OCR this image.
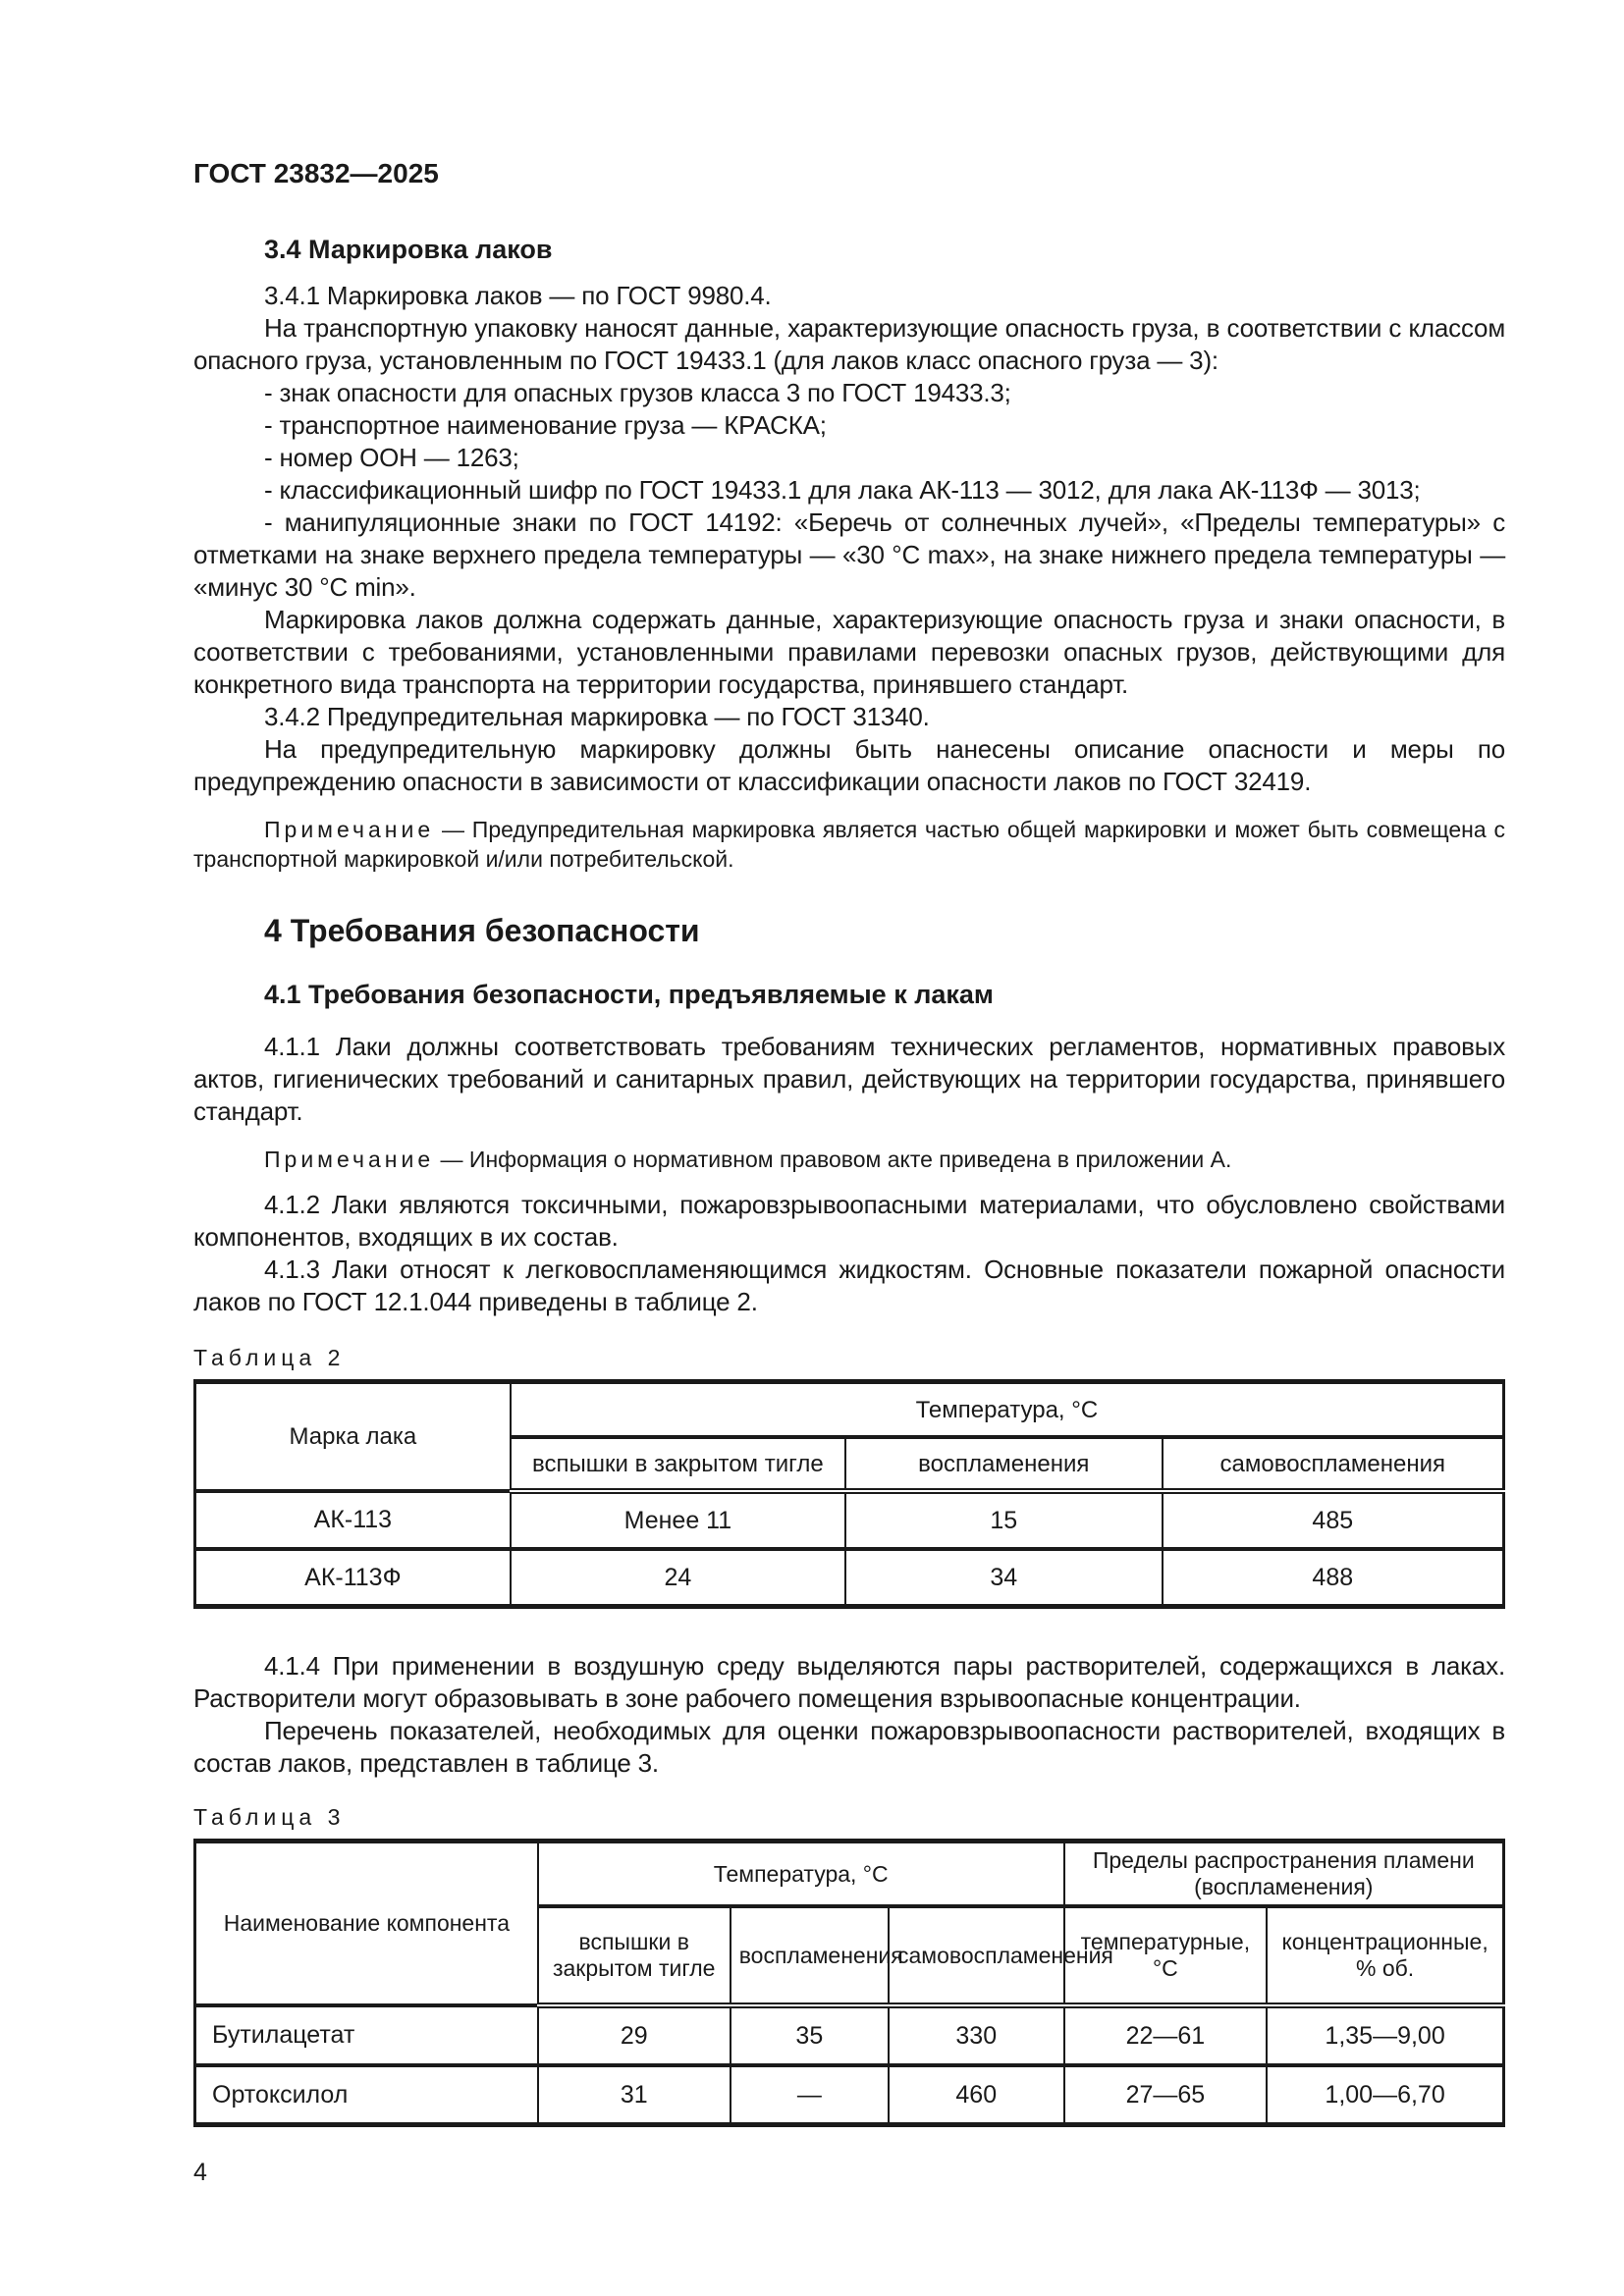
ГОСТ 23832—2025

3.4 Маркировка лаков

3.4.1 Маркировка лаков — по ГОСТ 9980.4.

На транспортную упаковку наносят данные, характеризующие опасность груза, в соответствии с классом опасного груза, установленным по ГОСТ 19433.1 (для лаков класс опасного груза — 3):

- знак опасности для опасных грузов класса 3 по ГОСТ 19433.3;

- транспортное наименование груза — КРАСКА;

- номер ООН — 1263;

- классификационный шифр по ГОСТ 19433.1 для лака АК-113 — 3012, для лака АК-113Ф — 3013;

- манипуляционные знаки по ГОСТ 14192: «Беречь от солнечных лучей», «Пределы температуры» с отметками на знаке верхнего предела температуры — «30 °С max», на знаке нижнего предела температуры — «минус 30 °С min».

Маркировка лаков должна содержать данные, характеризующие опасность груза и знаки опасности, в соответствии с требованиями, установленными правилами перевозки опасных грузов, действующими для конкретного вида транспорта на территории государства, принявшего стандарт.

3.4.2 Предупредительная маркировка — по ГОСТ 31340.

На предупредительную маркировку должны быть нанесены описание опасности и меры по предупреждению опасности в зависимости от классификации опасности лаков по ГОСТ 32419.

Примечание — Предупредительная маркировка является частью общей маркировки и может быть совмещена с транспортной маркировкой и/или потребительской.

4 Требования безопасности

4.1 Требования безопасности, предъявляемые к лакам

4.1.1 Лаки должны соответствовать требованиям технических регламентов, нормативных правовых актов, гигиенических требований и санитарных правил, действующих на территории государства, принявшего стандарт.

Примечание — Информация о нормативном правовом акте приведена в приложении А.

4.1.2 Лаки являются токсичными, пожаровзрывоопасными материалами, что обусловлено свойствами компонентов, входящих в их состав.

4.1.3 Лаки относят к легковоспламеняющимся жидкостям. Основные показатели пожарной опасности лаков по ГОСТ 12.1.044 приведены в таблице 2.

Таблица 2

Марка лака	Температура, °С		
	вспышки в закрытом тигле	воспламенения	самовоспламенения
АК-113	Менее 11	15	485
АК-113Ф	24	34	488

4.1.4 При применении в воздушную среду выделяются пары растворителей, содержащихся в лаках. Растворители могут образовывать в зоне рабочего помещения взрывоопасные концентрации.

Перечень показателей, необходимых для оценки пожаровзрывоопасности растворителей, входящих в состав лаков, представлен в таблице 3.

Таблица 3

Наименование компонента	Температура, °С			Пределы распространения пламени (воспламенения)	
	вспышки в закрытом тигле	воспламенения	самовоспламенения	температурные, °С	концентрационные, % об.
Бутилацетат	29	35	330	22—61	1,35—9,00
Ортоксилол	31	—	460	27—65	1,00—6,70

4
